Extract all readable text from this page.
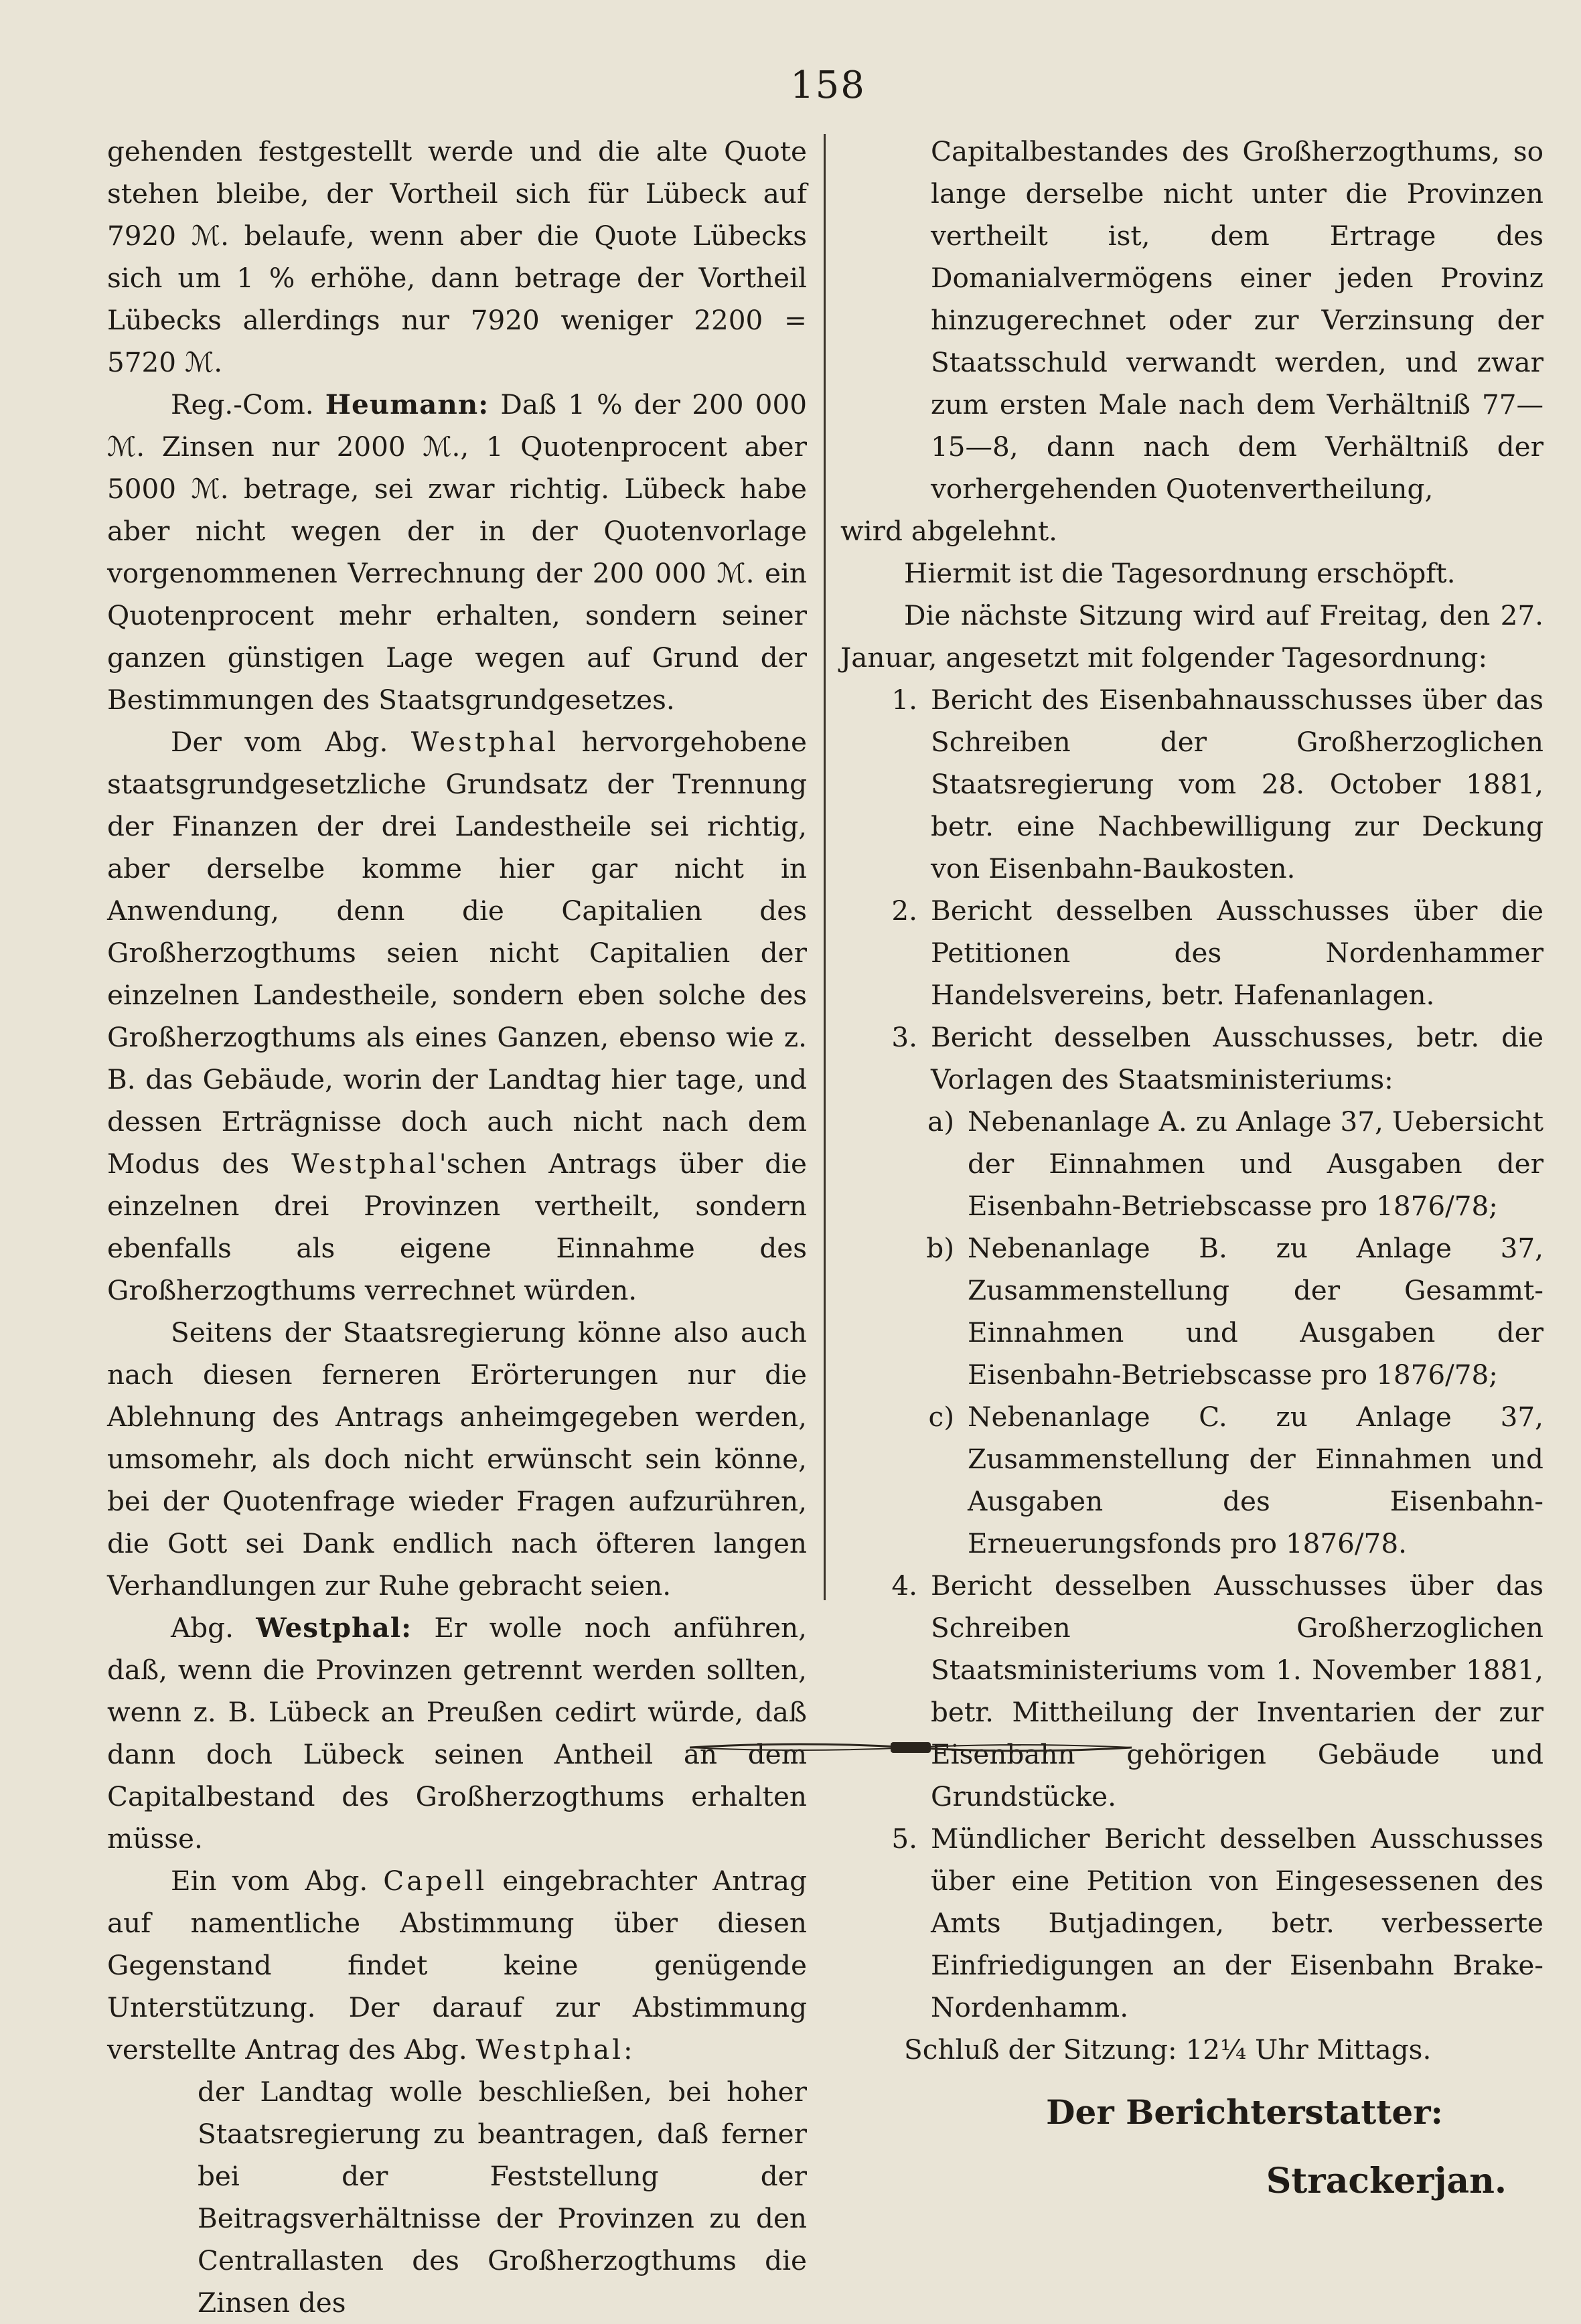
158

gehenden festgestellt werde und die alte Quote stehen bleibe, der Vortheil sich für Lübeck auf 7920 ℳ. belaufe, wenn aber die Quote Lübecks sich um 1 % erhöhe, dann betrage der Vortheil Lübecks allerdings nur 7920 weniger 2200 = 5720 ℳ.

Reg.-Com. Heumann: Daß 1 % der 200 000 ℳ. Zinsen nur 2000 ℳ., 1 Quotenprocent aber 5000 ℳ. betrage, sei zwar richtig. Lübeck habe aber nicht wegen der in der Quotenvorlage vorgenommenen Verrechnung der 200 000 ℳ. ein Quotenprocent mehr erhalten, sondern seiner ganzen günstigen Lage wegen auf Grund der Bestimmungen des Staatsgrundgesetzes.

Der vom Abg. Westphal hervorgehobene staatsgrundgesetzliche Grundsatz der Trennung der Finanzen der drei Landestheile sei richtig, aber derselbe komme hier gar nicht in Anwendung, denn die Capitalien des Großherzogthums seien nicht Capitalien der einzelnen Landestheile, sondern eben solche des Großherzogthums als eines Ganzen, ebenso wie z. B. das Gebäude, worin der Landtag hier tage, und dessen Erträgnisse doch auch nicht nach dem Modus des Westphal'schen Antrags über die einzelnen drei Provinzen vertheilt, sondern ebenfalls als eigene Einnahme des Großherzogthums verrechnet würden.

Seitens der Staatsregierung könne also auch nach diesen ferneren Erörterungen nur die Ablehnung des Antrags anheimgegeben werden, umsomehr, als doch nicht erwünscht sein könne, bei der Quotenfrage wieder Fragen aufzurühren, die Gott sei Dank endlich nach öfteren langen Verhandlungen zur Ruhe gebracht seien.

Abg. Westphal: Er wolle noch anführen, daß, wenn die Provinzen getrennt werden sollten, wenn z. B. Lübeck an Preußen cedirt würde, daß dann doch Lübeck seinen Antheil an dem Capitalbestand des Großherzogthums erhalten müsse.

Ein vom Abg. Capell eingebrachter Antrag auf namentliche Abstimmung über diesen Gegenstand findet keine genügende Unterstützung. Der darauf zur Abstimmung verstellte Antrag des Abg. Westphal:

der Landtag wolle beschließen, bei hoher Staatsregierung zu beantragen, daß ferner bei der Feststellung der Beitragsverhältnisse der Provinzen zu den Centrallasten des Großherzogthums die Zinsen des

Capitalbestandes des Großherzogthums, so lange derselbe nicht unter die Provinzen vertheilt ist, dem Ertrage des Domanialvermögens einer jeden Provinz hinzugerechnet oder zur Verzinsung der Staatsschuld verwandt werden, und zwar zum ersten Male nach dem Verhältniß 77—15—8, dann nach dem Verhältniß der vorhergehenden Quotenvertheilung,

wird abgelehnt.

Hiermit ist die Tagesordnung erschöpft.

Die nächste Sitzung wird auf Freitag, den 27. Januar, angesetzt mit folgender Tagesordnung:

1. Bericht des Eisenbahnausschusses über das Schreiben der Großherzoglichen Staatsregierung vom 28. October 1881, betr. eine Nachbewilligung zur Deckung von Eisenbahn-Baukosten.
2. Bericht desselben Ausschusses über die Petitionen des Nordenhammer Handelsvereins, betr. Hafenanlagen.
3. Bericht desselben Ausschusses, betr. die Vorlagen des Staatsministeriums:
a) Nebenanlage A. zu Anlage 37, Uebersicht der Einnahmen und Ausgaben der Eisenbahn-Betriebscasse pro 1876/78;
b) Nebenanlage B. zu Anlage 37, Zusammenstellung der Gesammt-Einnahmen und Ausgaben der Eisenbahn-Betriebscasse pro 1876/78;
c) Nebenanlage C. zu Anlage 37, Zusammenstellung der Einnahmen und Ausgaben des Eisenbahn-Erneuerungsfonds pro 1876/78.
4. Bericht desselben Ausschusses über das Schreiben Großherzoglichen Staatsministeriums vom 1. November 1881, betr. Mittheilung der Inventarien der zur Eisenbahn gehörigen Gebäude und Grundstücke.
5. Mündlicher Bericht desselben Ausschusses über eine Petition von Eingesessenen des Amts Butjadingen, betr. verbesserte Einfriedigungen an der Eisenbahn Brake-Nordenhamm.

Schluß der Sitzung: 12¼ Uhr Mittags.

Der Berichterstatter:
Strackerjan.
